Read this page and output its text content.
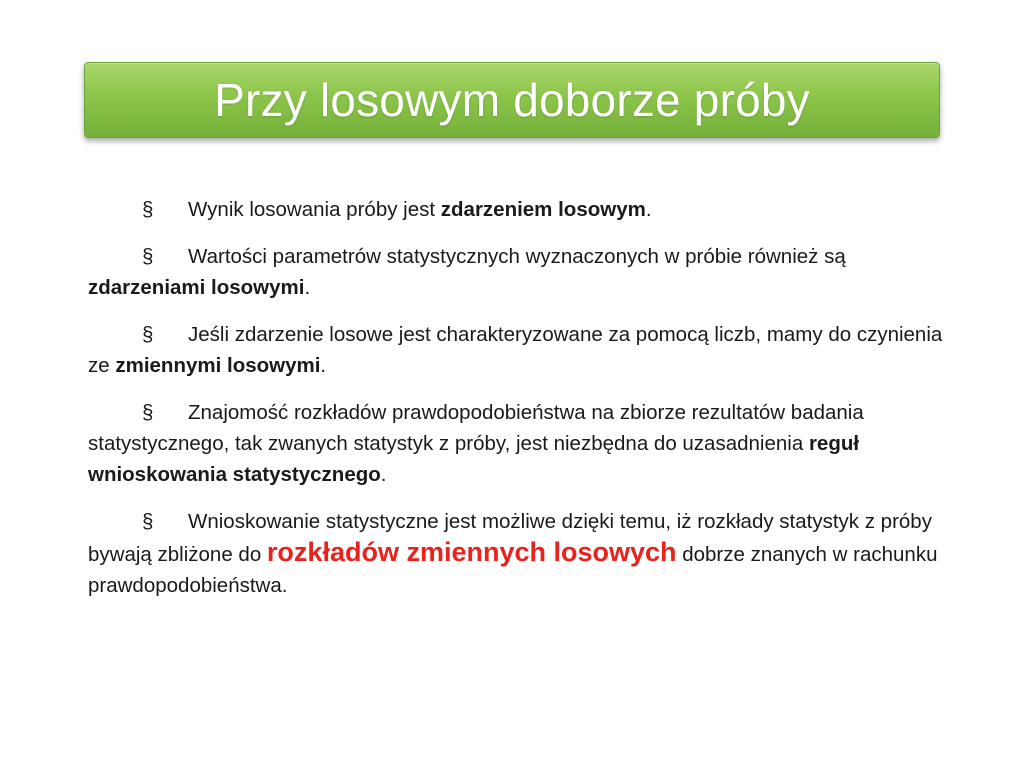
Przy losowym doborze próby

§ Wynik losowania próby jest zdarzeniem losowym.

§ Wartości parametrów statystycznych wyznaczonych w próbie również są zdarzeniami losowymi.

§ Jeśli zdarzenie losowe jest charakteryzowane za pomocą liczb, mamy do czynienia ze zmiennymi losowymi.

§ Znajomość rozkładów prawdopodobieństwa na zbiorze rezultatów badania statystycznego, tak zwanych statystyk z próby, jest niezbędna do uzasadnienia reguł wnioskowania statystycznego.

§ Wnioskowanie statystyczne jest możliwe dzięki temu, iż rozkłady statystyk z próby bywają zbliżone do rozkładów zmiennych losowych dobrze znanych w rachunku prawdopodobieństwa.
